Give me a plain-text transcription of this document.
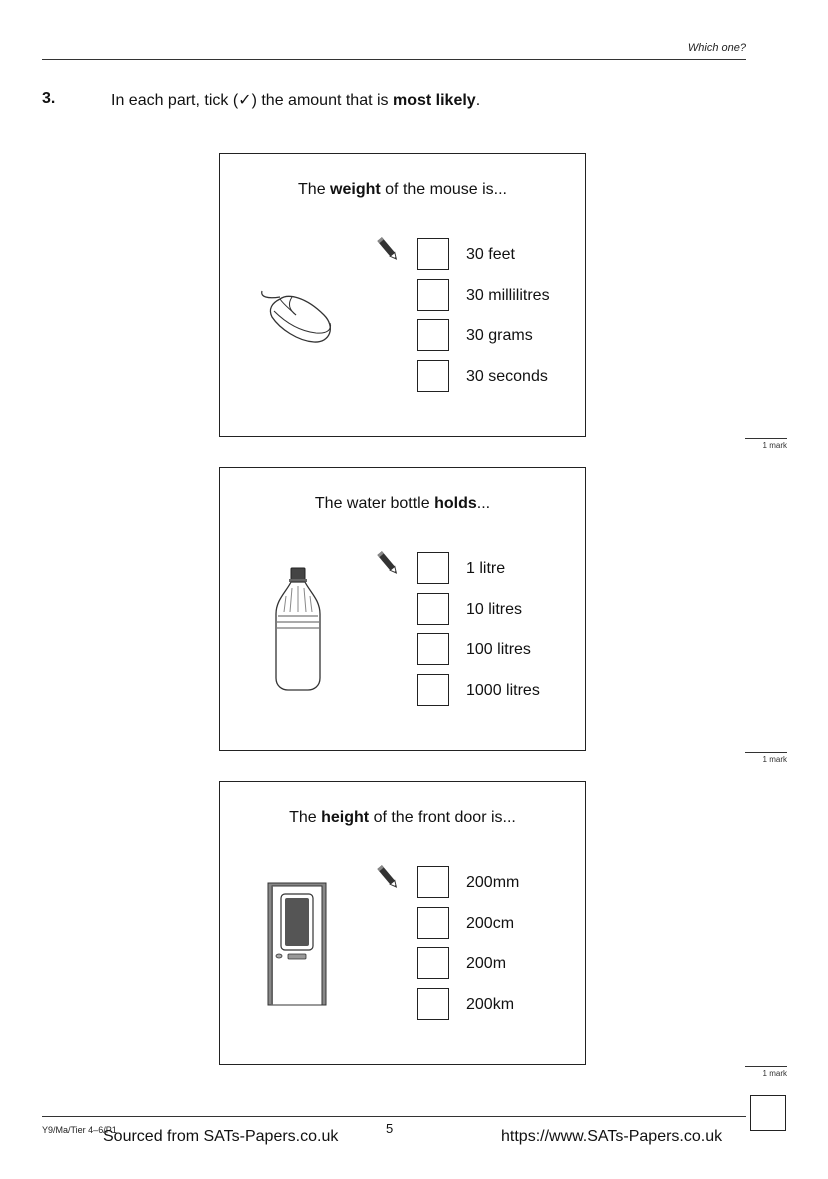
Which one?
3.	In each part, tick (✓) the amount that is most likely.
The weight of the mouse is...
30 feet
30 millilitres
30 grams
30 seconds
1 mark
The water bottle holds...
1 litre
10 litres
100 litres
1000 litres
1 mark
The height of the front door is...
200mm
200cm
200m
200km
1 mark
Y9/Ma/Tier 4–6/P1
Sourced from SATs-Papers.co.uk	5	https://www.SATs-Papers.co.uk
